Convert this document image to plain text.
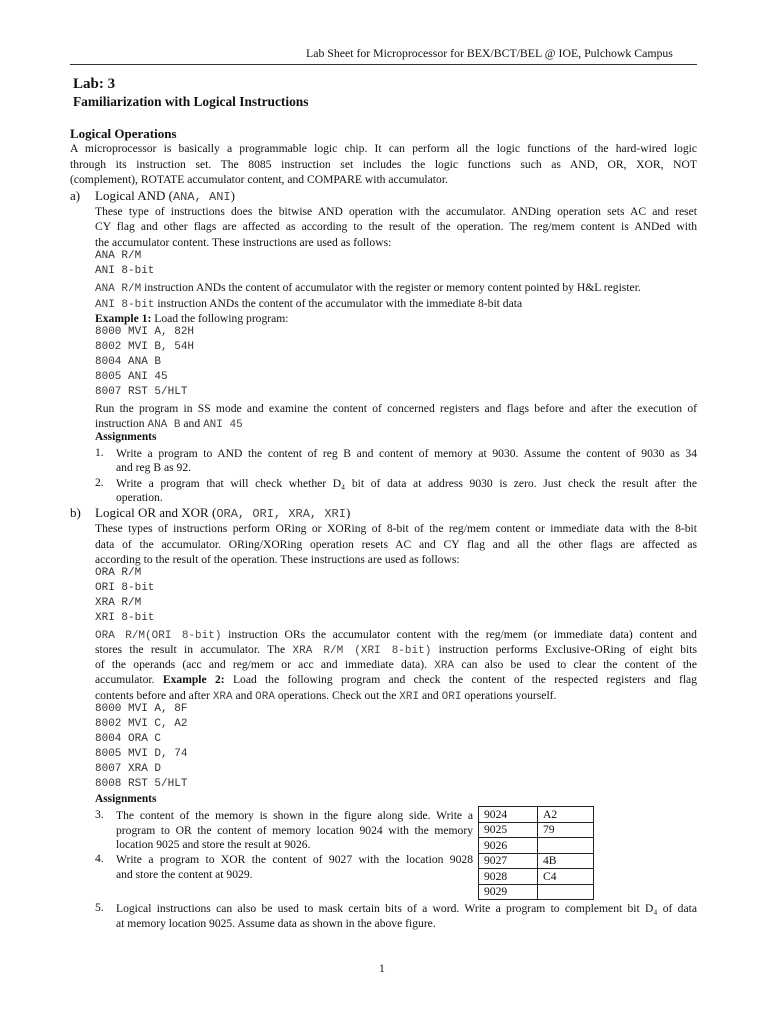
Lab Sheet for Microprocessor for BEX/BCT/BEL @ IOE, Pulchowk Campus
Lab: 3
Familiarization with Logical Instructions
Logical Operations
A microprocessor is basically a programmable logic chip. It can perform all the logic functions of the hard-wired logic
through its instruction set. The 8085 instruction set includes the logic functions such as AND, OR, XOR, NOT
(complement), ROTATE accumulator content, and COMPARE with accumulator.
a) Logical AND (ANA, ANI)
These type of instructions does the bitwise AND operation with the accumulator. ANDing operation sets AC and reset
CY flag and other flags are affected as according to the result of the operation. The reg/mem content is ANDed with
the accumulator content. These instructions are used as follows:
ANA R/M
ANI 8-bit
ANA R/M instruction ANDs the content of accumulator with the register or memory content pointed by H&L register.
ANI 8-bit instruction ANDs the content of the accumulator with the immediate 8-bit data
Example 1: Load the following program:
8000 MVI A, 82H
8002 MVI B, 54H
8004 ANA B
8005 ANI 45
8007 RST 5/HLT
Run the program in SS mode and examine the content of concerned registers and flags before and after the execution of
instruction ANA B and ANI 45
Assignments
1. Write a program to AND the content of reg B and content of memory at 9030. Assume the content of 9030 as 34
and reg B as 92.
2. Write a program that will check whether D₄ bit of data at address 9030 is zero. Just check the result after the
operation.
b) Logical OR and XOR (ORA, ORI, XRA, XRI)
These types of instructions perform ORing or XORing of 8-bit of the reg/mem content or immediate data with the 8-bit
data of the accumulator. ORing/XORing operation resets AC and CY flag and all the other flags are affected as
according to the result of the operation. These instructions are used as follows:
ORA R/M
ORI 8-bit
XRA R/M
XRI 8-bit
ORA R/M(ORI 8-bit) instruction ORs the accumulator content with the reg/mem (or immediate data) content and
stores the result in accumulator. The XRA R/M (XRI 8-bit) instruction performs Exclusive-ORing of eight bits
of the operands (acc and reg/mem or acc and immediate data). XRA can also be used to clear the content of the
accumulator. Example 2: Load the following program and check the content of the respected registers and flag
contents before and after XRA and ORA operations. Check out the XRI and ORI operations yourself.
8000 MVI A, 8F
8002 MVI C, A2
8004 ORA C
8005 MVI D, 74
8007 XRA D
8008 RST 5/HLT
Assignments
3. The content of the memory is shown in the figure along side. Write a
program to OR the content of memory location 9024 with the memory
location 9025 and store the result at 9026.
4. Write a program to XOR the content of 9027 with the location 9028
and store the content at 9029.
9024	A2
9025	79
9026	
9027	4B
9028	C4
9029	
5. Logical instructions can also be used to mask certain bits of a word. Write a program to complement bit D₄ of data
at memory location 9025. Assume data as shown in the above figure.
1
